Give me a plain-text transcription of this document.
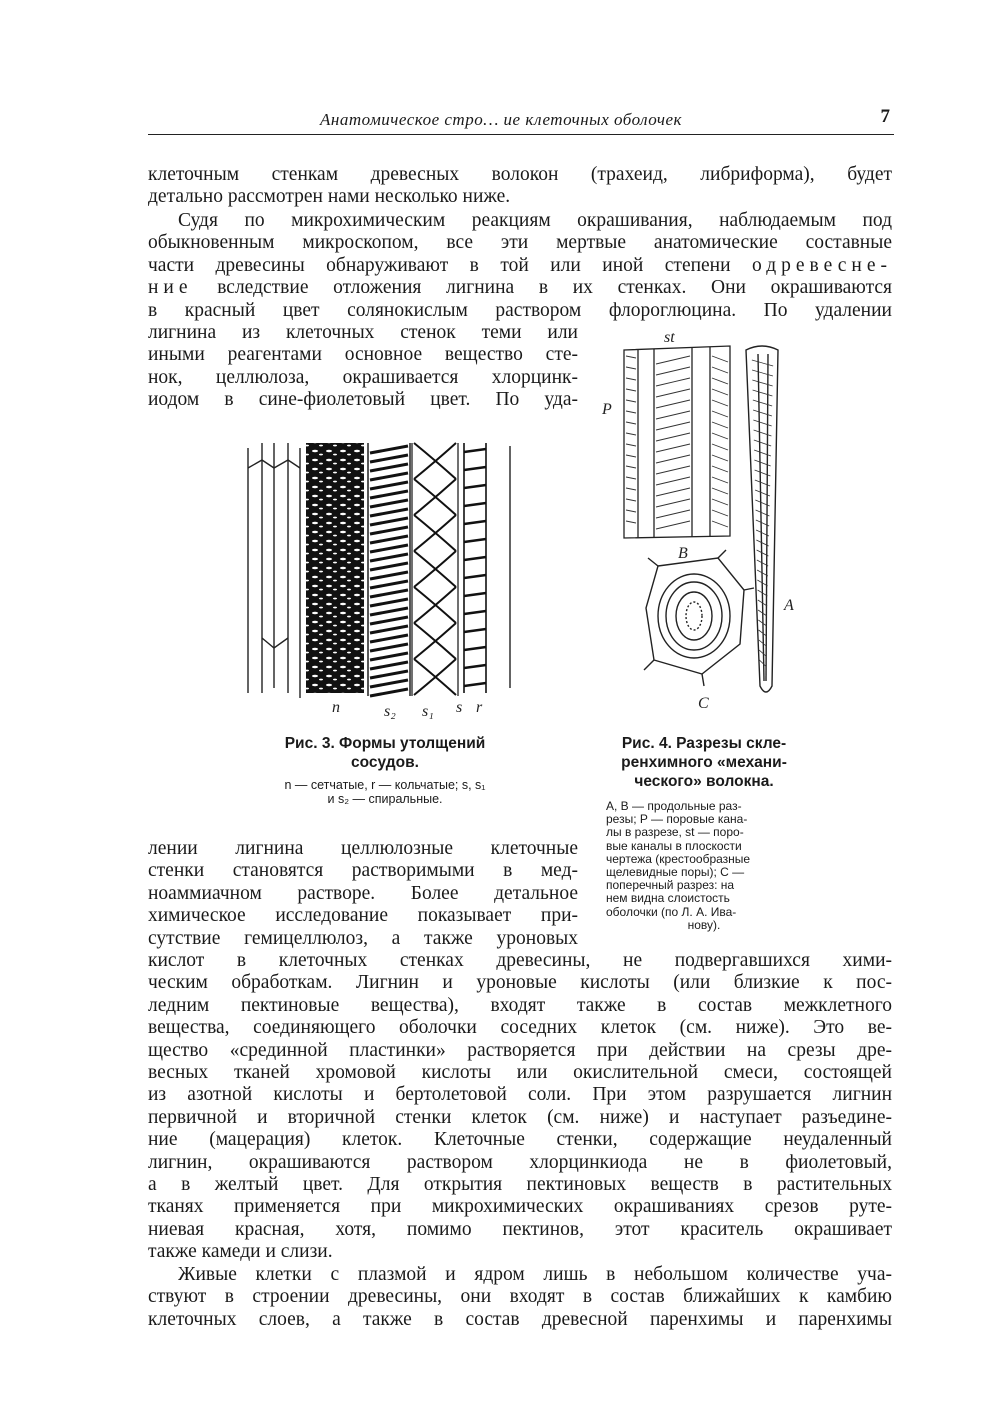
Анатомическое стро… ие клеточных оболочек	7
клеточным стенкам древесных волокон (трахеид, либриформа), будет
детально рассмотрен нами несколько ниже.
Судя по микрохимическим реакциям окрашивания, наблюдаемым под
обыкновенным микроскопом, все эти мертвые анатомические составные
части древесины обнаруживают в той или иной степени одревесне-
ние вследствие отложения лигнина в их стенках. Они окрашиваются
в красный цвет солянокислым раствором флороглюцина. По удалении
лигнина из клеточных стенок теми или
иными реагентами основное вещество сте-
нок, целлюлоза, окрашивается хлорцинк-
иодом в сине-фиолетовый цвет. По уда-
n	s₂ s₁ s r
Рис. 3. Формы утолщений
сосудов.
n — сетчатые, r — кольчатые; s, s₁
и s₂ — спиральные.
st
P
A
B
C
Рис. 4. Разрезы скле-
ренхимного «механи-
ческого» волокна.
A, B — продольные раз-
резы; P — поровые кана-
лы в разрезе, st — поро-
вые каналы в плоскости
чертежа (крестообразные
щелевидные поры); C —
поперечный разрез: на
нем видна слоистость
оболочки (по Л. А. Ива-
нову).
лении лигнина целлюлозные клеточные
стенки становятся растворимыми в мед-
ноаммиачном растворе. Более детальное
химическое исследование показывает при-
сутствие гемицеллюлоз, а также уроновых
кислот в клеточных стенках древесины, не подвергавшихся хими-
ческим обработкам. Лигнин и уроновые кислоты (или близкие к пос-
ледним пектиновые вещества), входят также в состав межклетного
вещества, соединяющего оболочки соседних клеток (см. ниже). Это ве-
щество «срединной пластинки» растворяется при действии на срезы дре-
весных тканей хромовой кислоты или окислительной смеси, состоящей
из азотной кислоты и бертолетовой соли. При этом разрушается лигнин
первичной и вторичной стенки клеток (см. ниже) и наступает разъедине-
ние (мацерация) клеток. Клеточные стенки, содержащие неудаленный
лигнин, окрашиваются раствором хлорцинкиода не в фиолетовый,
а в желтый цвет. Для открытия пектиновых веществ в растительных
тканях применяется при микрохимических окрашиваниях срезов руте-
ниевая красная, хотя, помимо пектинов, этот краситель окрашивает
также камеди и слизи.
Живые клетки с плазмой и ядром лишь в небольшом количестве уча-
ствуют в строении древесины, они входят в состав ближайших к камбию
клеточных слоев, а также в состав древесной паренхимы и паренхимы
